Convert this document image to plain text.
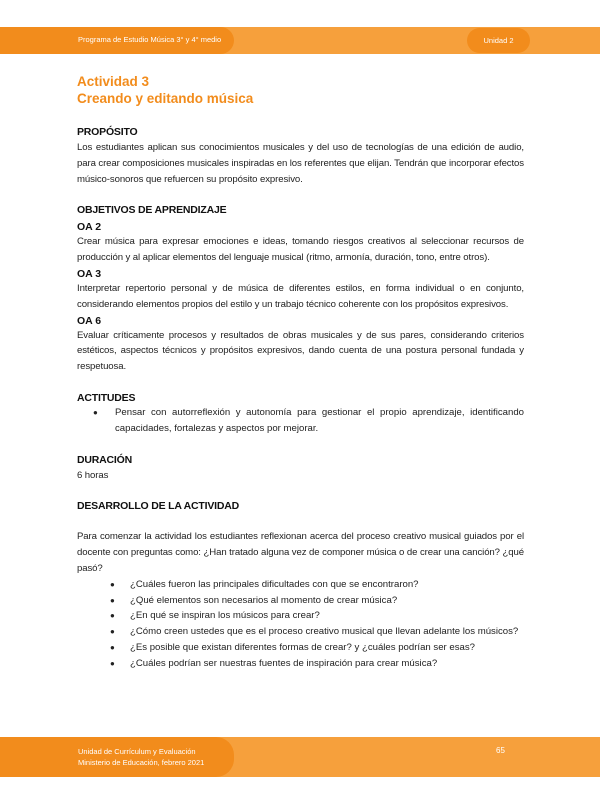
Programa de Estudio Música 3° y 4° medio	Unidad 2

Actividad 3

Creando y editando música

PROPÓSITO

Los estudiantes aplican sus conocimientos musicales y del uso de tecnologías de una edición de audio, para crear composiciones musicales inspiradas en los referentes que elijan. Tendrán que incorporar efectos músico-sonoros que refuercen su propósito expresivo.

OBJETIVOS DE APRENDIZAJE

OA 2

Crear música para expresar emociones e ideas, tomando riesgos creativos al seleccionar recursos de producción y al aplicar elementos del lenguaje musical (ritmo, armonía, duración, tono, entre otros).

OA 3

Interpretar repertorio personal y de música de diferentes estilos, en forma individual o en conjunto, considerando elementos propios del estilo y un trabajo técnico coherente con los propósitos expresivos.

OA 6

Evaluar críticamente procesos y resultados de obras musicales y de sus pares, considerando criterios estéticos, aspectos técnicos y propósitos expresivos, dando cuenta de una postura personal fundada y respetuosa.

ACTITUDES

● Pensar con autorreflexión y autonomía para gestionar el propio aprendizaje, identificando capacidades, fortalezas y aspectos por mejorar.

DURACIÓN

6 horas

DESARROLLO DE LA ACTIVIDAD

Para comenzar la actividad los estudiantes reflexionan acerca del proceso creativo musical guiados por el docente con preguntas como: ¿Han tratado alguna vez de componer música o de crear una canción? ¿qué pasó?

● ¿Cuáles fueron las principales dificultades con que se encontraron?
● ¿Qué elementos son necesarios al momento de crear música?
● ¿En qué se inspiran los músicos para crear?
● ¿Cómo creen ustedes que es el proceso creativo musical que llevan adelante los músicos?
● ¿Es posible que existan diferentes formas de crear? y ¿cuáles podrían ser esas?
● ¿Cuáles podrían ser nuestras fuentes de inspiración para crear música?
Unidad de Currículum y Evaluación
Ministerio de Educación, febrero 2021
65
